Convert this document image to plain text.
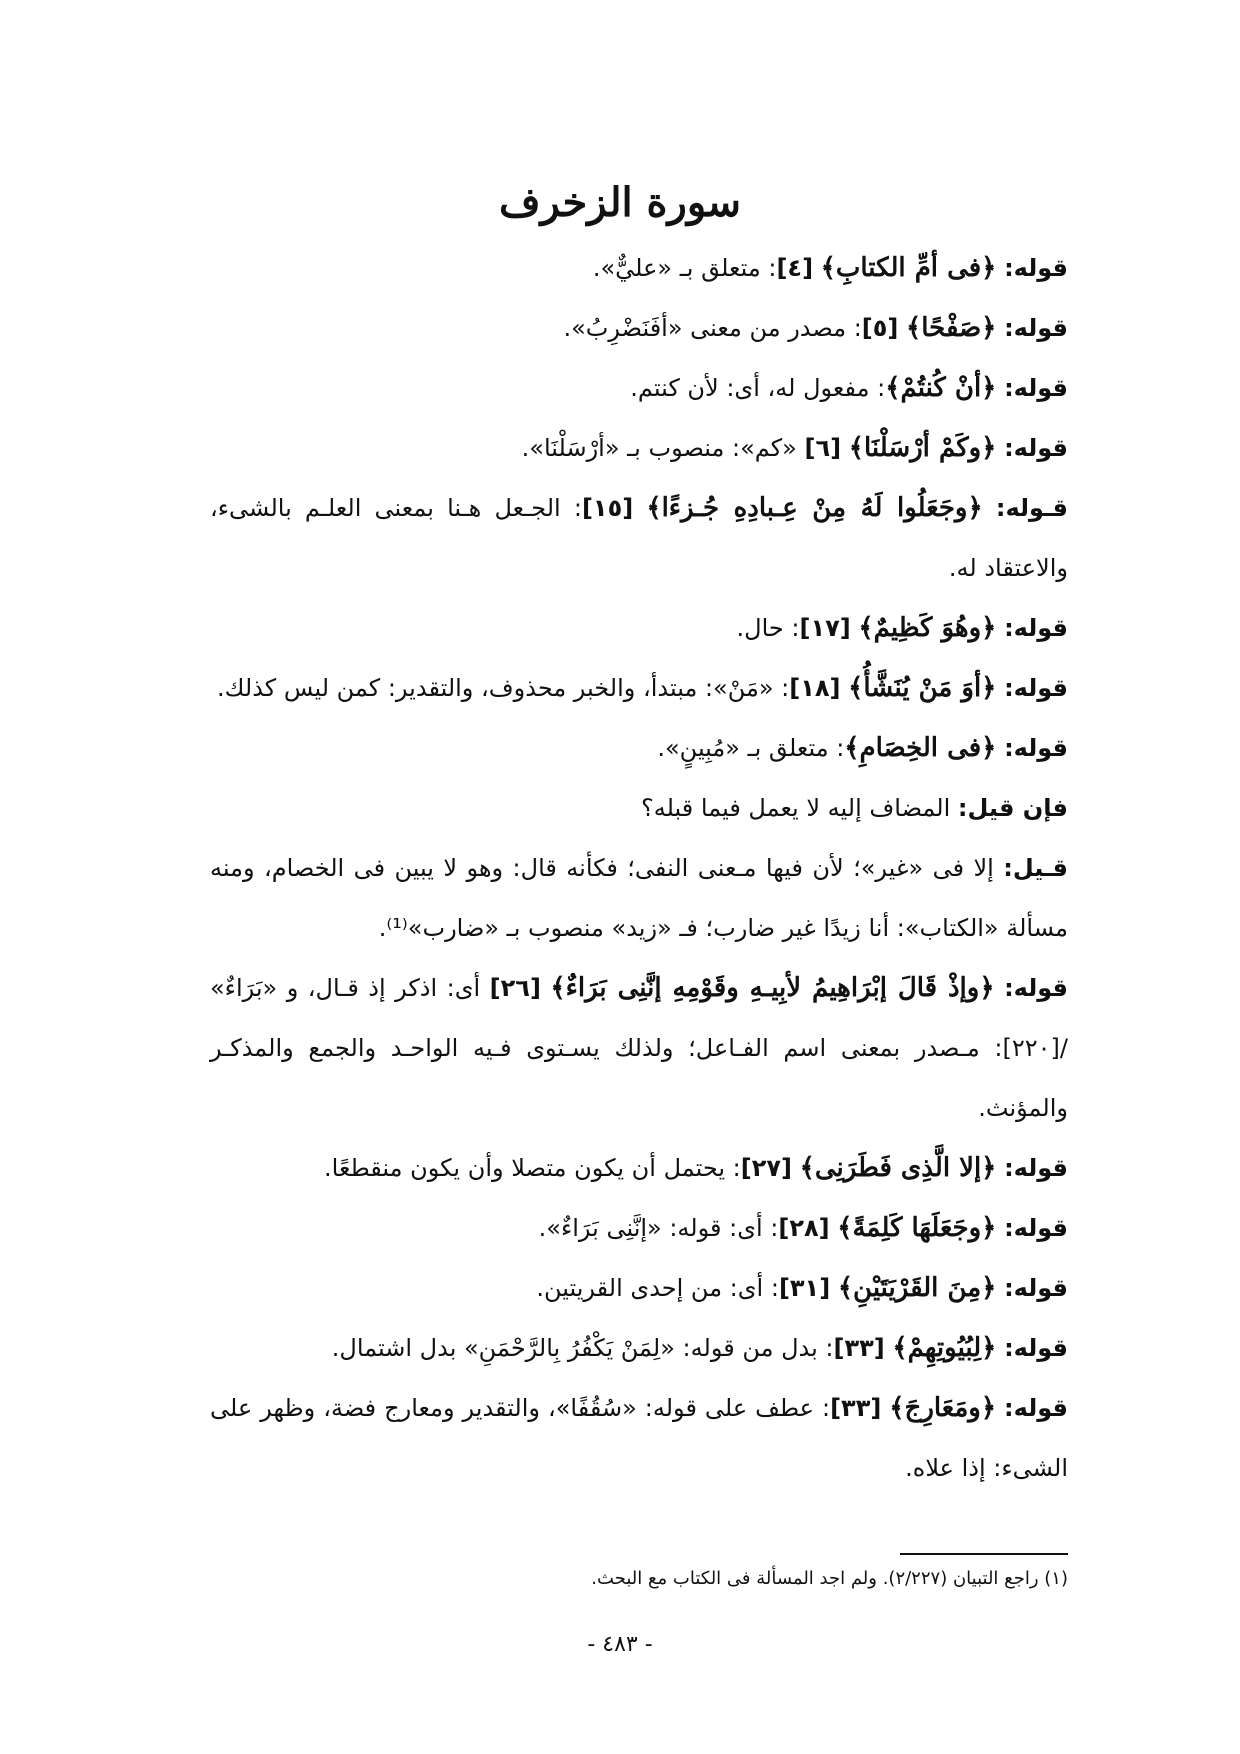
سورة الزخرف

قوله: ﴿فى أمِّ الكتابِ﴾ [٤]: متعلق بـ «عليٌّ».

قوله: ﴿صَفْحًا﴾ [٥]: مصدر من معنى «أفَنَضْرِبُ».

قوله: ﴿أنْ كُنتُمْ﴾: مفعول له، أى: لأن كنتم.

قوله: ﴿وكَمْ أرْسَلْنَا﴾ [٦] «كم»: منصوب بـ «أرْسَلْنَا».

قـوله: ﴿وجَعَلُوا لَهُ مِنْ عِـبادِهِ جُـزءًا﴾ [١٥]: الجـعل هـنا بمعنى العلـم بالشىء، والاعتقاد له.

قوله: ﴿وهُوَ كَظِيمٌ﴾ [١٧]: حال.

قوله: ﴿أوَ مَنْ يُنَشَّأُ﴾ [١٨]: «مَنْ»: مبتدأ، والخبر محذوف، والتقدير: كمن ليس كذلك.

قوله: ﴿فى الخِصَامِ﴾: متعلق بـ «مُبِينٍ».

فإن قيل: المضاف إليه لا يعمل فيما قبله؟

قـيل: إلا فى «غير»؛ لأن فيها مـعنى النفى؛ فكأنه قال: وهو لا يبين فى الخصام، ومنه مسألة «الكتاب»: أنا زيدًا غير ضارب؛ فـ «زيد» منصوب بـ «ضارب»⁽¹⁾.

قوله: ﴿وإذْ قَالَ إبْرَاهِيمُ لأبِيـهِ وقَوْمِهِ إنَّنِى بَرَاءٌ﴾ [٢٦] أى: اذكر إذ قـال، و «بَرَاءٌ» /[٢٢٠]: مـصدر بمعنى اسم الفـاعل؛ ولذلك يسـتوى فـيه الواحـد والجمع والمذكـر والمؤنث.

قوله: ﴿إلا الَّذِى فَطَرَنِى﴾ [٢٧]: يحتمل أن يكون متصلا وأن يكون منقطعًا.

قوله: ﴿وجَعَلَهَا كَلِمَةً﴾ [٢٨]: أى: قوله: «إنَّنِى بَرَاءٌ».

قوله: ﴿مِنَ القَرْيَتَيْنِ﴾ [٣١]: أى: من إحدى القريتين.

قوله: ﴿لِبُيُوتِهِمْ﴾ [٣٣]: بدل من قوله: «لِمَنْ يَكْفُرُ بِالرَّحْمَنِ» بدل اشتمال.

قوله: ﴿ومَعَارِجَ﴾ [٣٣]: عطف على قوله: «سُقُفًا»، والتقدير ومعارج فضة، وظهر على الشىء: إذا علاه.

(١) راجع التبيان (٢/٢٢٧). ولم اجد المسألة فى الكتاب مع البحث.
- ٤٨٣ -
